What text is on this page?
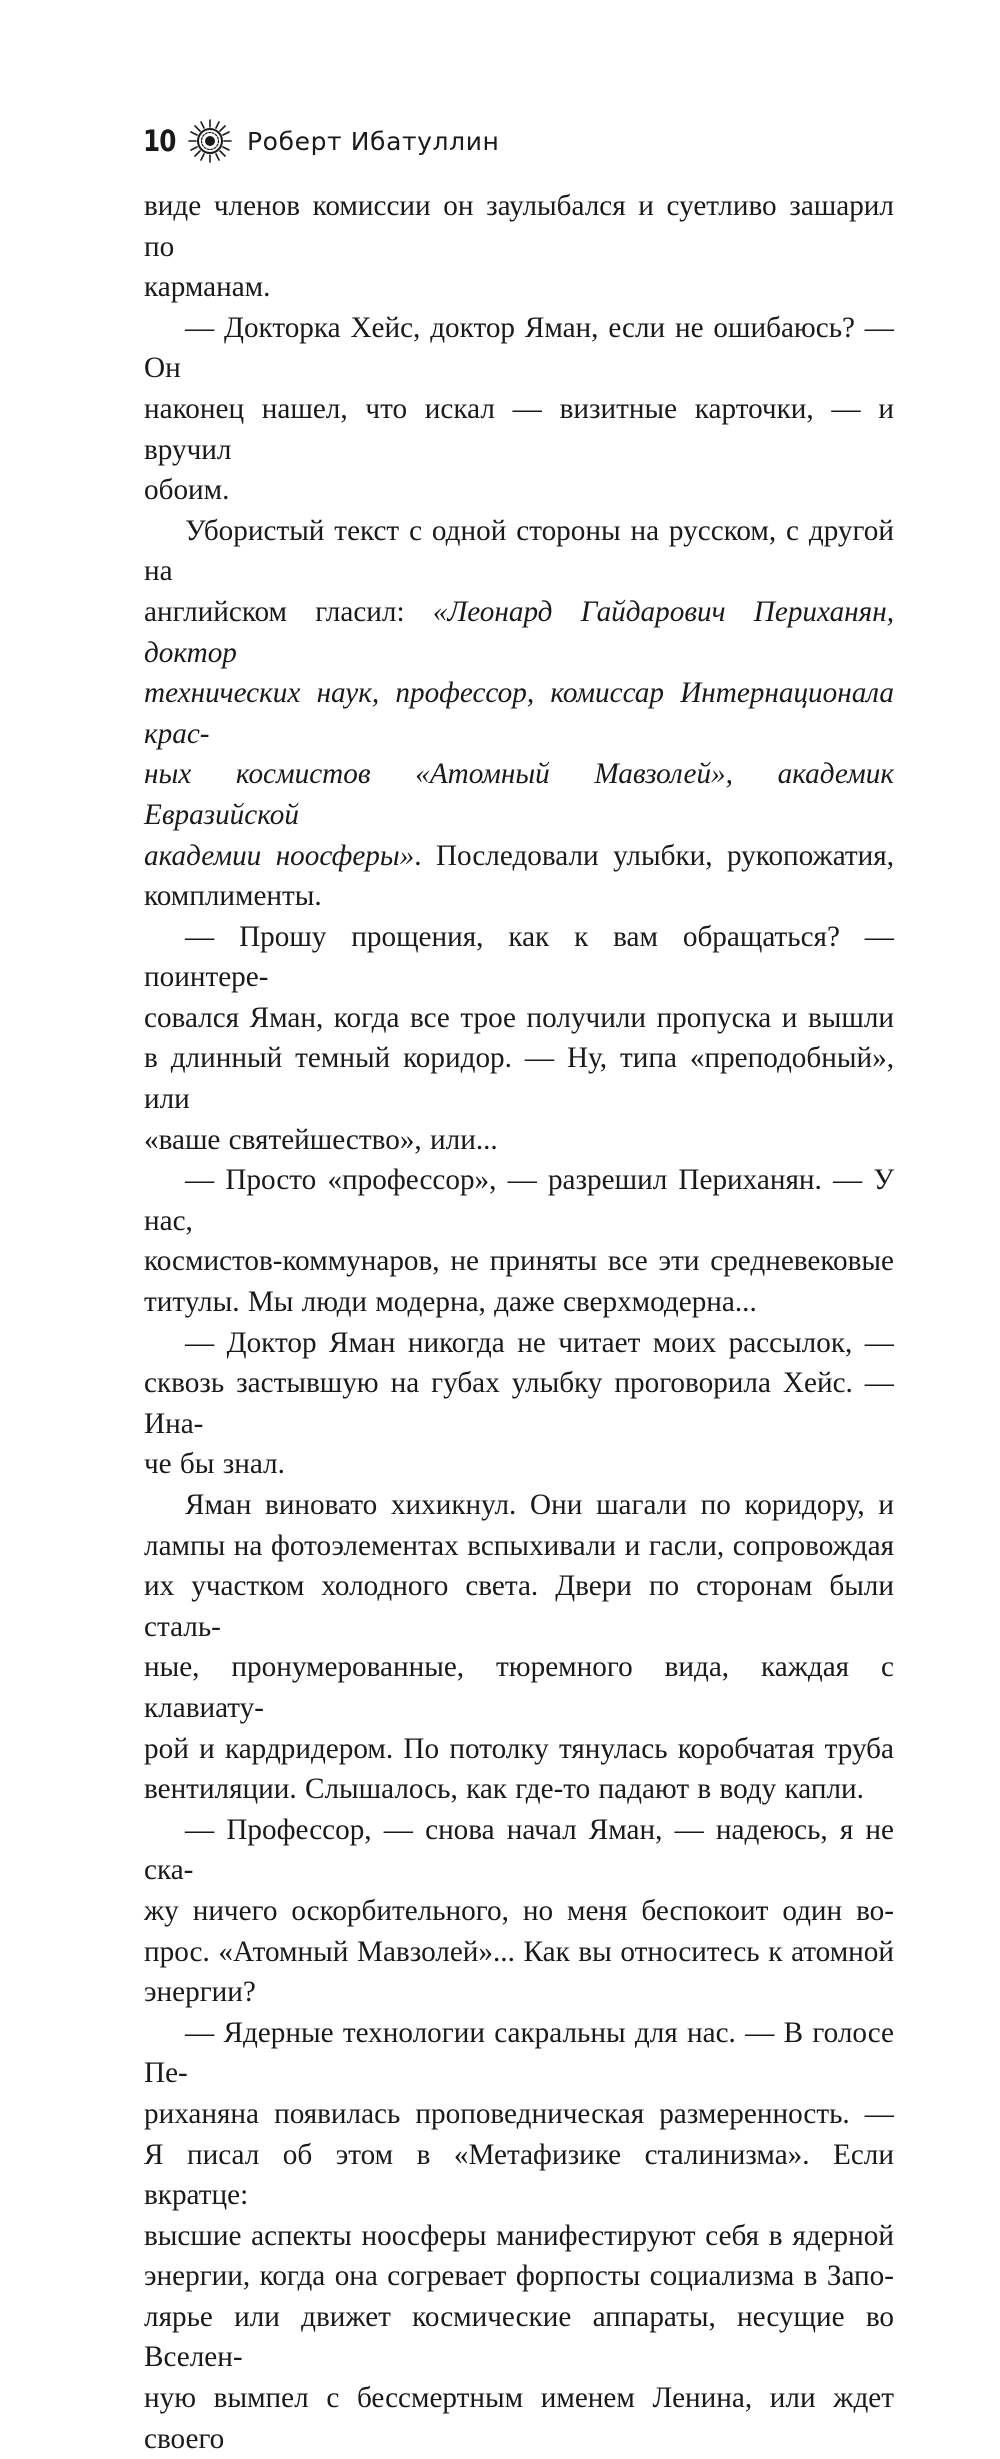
10	Роберт Ибатуллин

виде членов комиссии он заулыбался и суетливо зашарил по

карманам.

— Докторка Хейс, доктор Яман, если не ошибаюсь? — Он

наконец нашел, что искал — визитные карточки, — и вручил

обоим.

Убористый текст с одной стороны на русском, с другой на

английском гласил: «Леонард Гайдарович Периханян, доктор

технических наук, профессор, комиссар Интернационала крас-

ных космистов «Атомный Мавзолей», академик Евразийской

академии ноосферы». Последовали улыбки, рукопожатия,

комплименты.

— Прошу прощения, как к вам обращаться? — поинтере-

совался Яман, когда все трое получили пропуска и вышли

в длинный темный коридор. — Ну, типа «преподобный», или

«ваше святейшество», или...

— Просто «профессор», — разрешил Периханян. — У нас,

космистов-коммунаров, не приняты все эти средневековые

титулы. Мы люди модерна, даже сверхмодерна...

— Доктор Яман никогда не читает моих рассылок, —

сквозь застывшую на губах улыбку проговорила Хейс. — Ина-

че бы знал.

Яман виновато хихикнул. Они шагали по коридору, и

лампы на фотоэлементах вспыхивали и гасли, сопровождая

их участком холодного света. Двери по сторонам были сталь-

ные, пронумерованные, тюремного вида, каждая с клавиату-

рой и кардридером. По потолку тянулась коробчатая труба

вентиляции. Слышалось, как где-то падают в воду капли.

— Профессор, — снова начал Яман, — надеюсь, я не ска-

жу ничего оскорбительного, но меня беспокоит один во-

прос. «Атомный Мавзолей»... Как вы относитесь к атомной

энергии?

— Ядерные технологии сакральны для нас. — В голосе Пе-

риханяна появилась проповедническая размеренность. —

Я писал об этом в «Метафизике сталинизма». Если вкратце:

высшие аспекты ноосферы манифестируют себя в ядерной

энергии, когда она согревает форпосты социализма в Запо-

лярье или движет космические аппараты, несущие во Вселен-

ную вымпел с бессмертным именем Ленина, или ждет своего
